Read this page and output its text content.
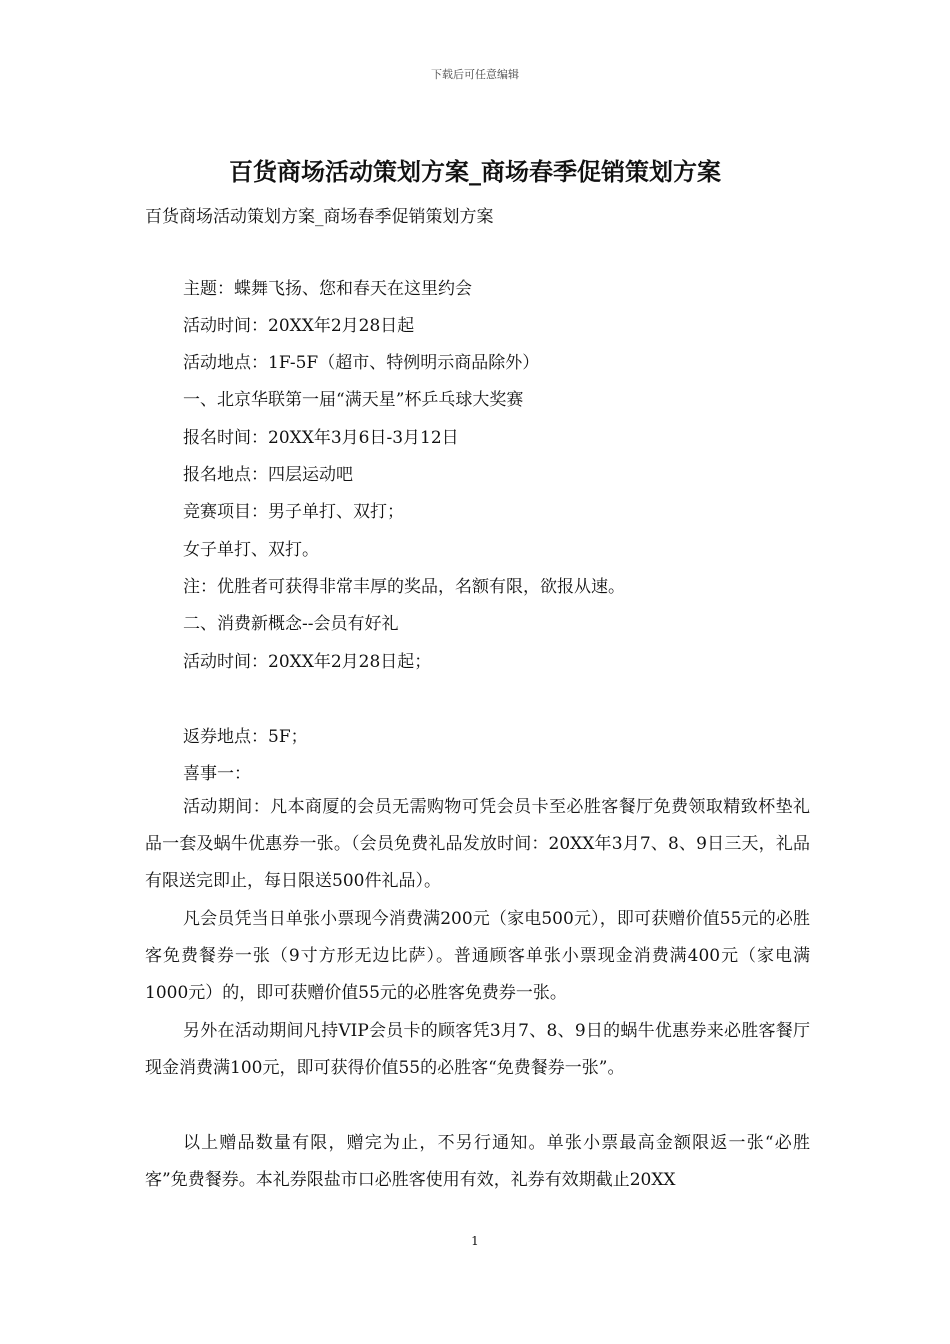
下载后可任意编辑
百货商场活动策划方案_商场春季促销策划方案
百货商场活动策划方案_商场春季促销策划方案
主题：蝶舞飞扬、您和春天在这里约会
活动时间：20XX年2月28日起
活动地点：1F-5F（超市、特例明示商品除外）
一、北京华联第一届“满天星”杯乒乓球大奖赛
报名时间：20XX年3月6日-3月12日
报名地点：四层运动吧
竞赛项目：男子单打、双打；
女子单打、双打。
注：优胜者可获得非常丰厚的奖品，名额有限，欲报从速。
二、消费新概念--会员有好礼
活动时间：20XX年2月28日起；
返券地点：5F；
喜事一：
活动期间：凡本商厦的会员无需购物可凭会员卡至必胜客餐厅免费领取精致杯垫礼品一套及蜗牛优惠券一张。（会员免费礼品发放时间：20XX年3月7、8、9日三天，礼品有限送完即止，每日限送500件礼品）。
凡会员凭当日单张小票现今消费满200元（家电500元），即可获赠价值55元的必胜客免费餐券一张（9寸方形无边比萨）。普通顾客单张小票现金消费满400元（家电满1000元）的，即可获赠价值55元的必胜客免费券一张。
另外在活动期间凡持VIP会员卡的顾客凭3月7、8、9日的蜗牛优惠券来必胜客餐厅现金消费满100元，即可获得价值55的必胜客“免费餐券一张”。
以上赠品数量有限，赠完为止，不另行通知。单张小票最高金额限返一张“必胜客”免费餐券。本礼券限盐市口必胜客使用有效，礼券有效期截止20XX
1
